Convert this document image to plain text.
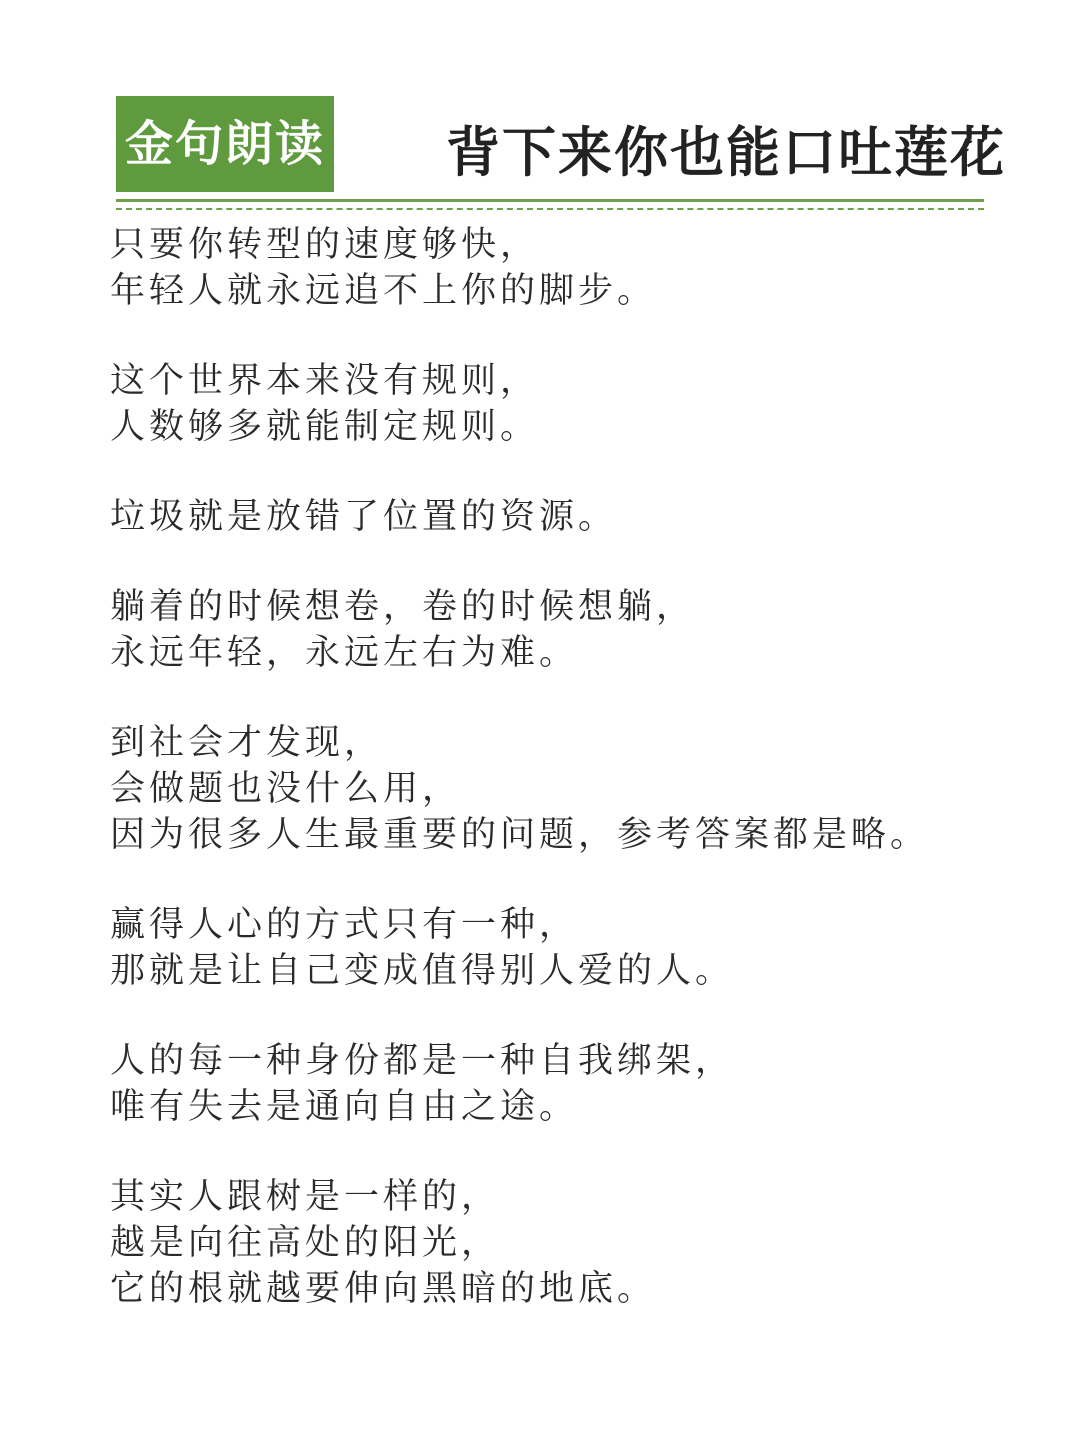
金句朗读 背下来你也能口吐莲花
只要你转型的速度够快，
年轻人就永远追不上你的脚步。
这个世界本来没有规则，
人数够多就能制定规则。
垃圾就是放错了位置的资源。
躺着的时候想卷，卷的时候想躺，
永远年轻，永远左右为难。
到社会才发现，
会做题也没什么用，
因为很多人生最重要的问题，参考答案都是略。
赢得人心的方式只有一种，
那就是让自己变成值得别人爱的人。
人的每一种身份都是一种自我绑架，
唯有失去是通向自由之途。
其实人跟树是一样的，
越是向往高处的阳光，
它的根就越要伸向黑暗的地底。
